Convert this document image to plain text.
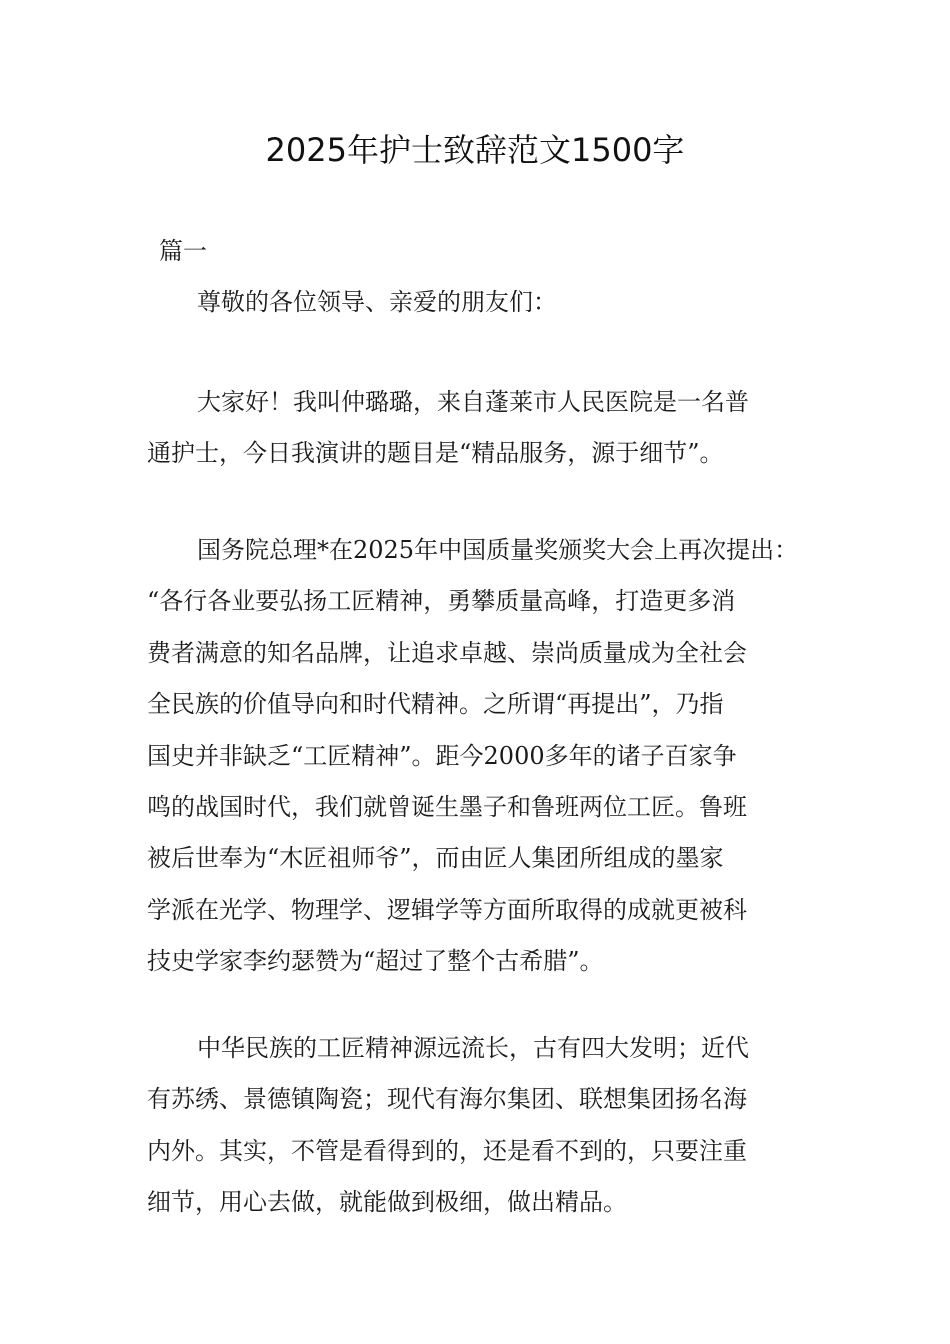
2025年护士致辞范文1500字
篇一
尊敬的各位领导、亲爱的朋友们：
大家好！我叫仲璐璐，来自蓬莱市人民医院是一名普
通护士，今日我演讲的题目是“精品服务，源于细节”。
国务院总理*在2025年中国质量奖颁奖大会上再次提出：
“各行各业要弘扬工匠精神，勇攀质量高峰，打造更多消
费者满意的知名品牌，让追求卓越、崇尚质量成为全社会
全民族的价值导向和时代精神。之所谓“再提出”，乃指
国史并非缺乏“工匠精神”。距今2000多年的诸子百家争
鸣的战国时代，我们就曾诞生墨子和鲁班两位工匠。鲁班
被后世奉为“木匠祖师爷”，而由匠人集团所组成的墨家
学派在光学、物理学、逻辑学等方面所取得的成就更被科
技史学家李约瑟赞为“超过了整个古希腊”。
中华民族的工匠精神源远流长，古有四大发明；近代
有苏绣、景德镇陶瓷；现代有海尔集团、联想集团扬名海
内外。其实，不管是看得到的，还是看不到的，只要注重
细节，用心去做，就能做到极细，做出精品。
